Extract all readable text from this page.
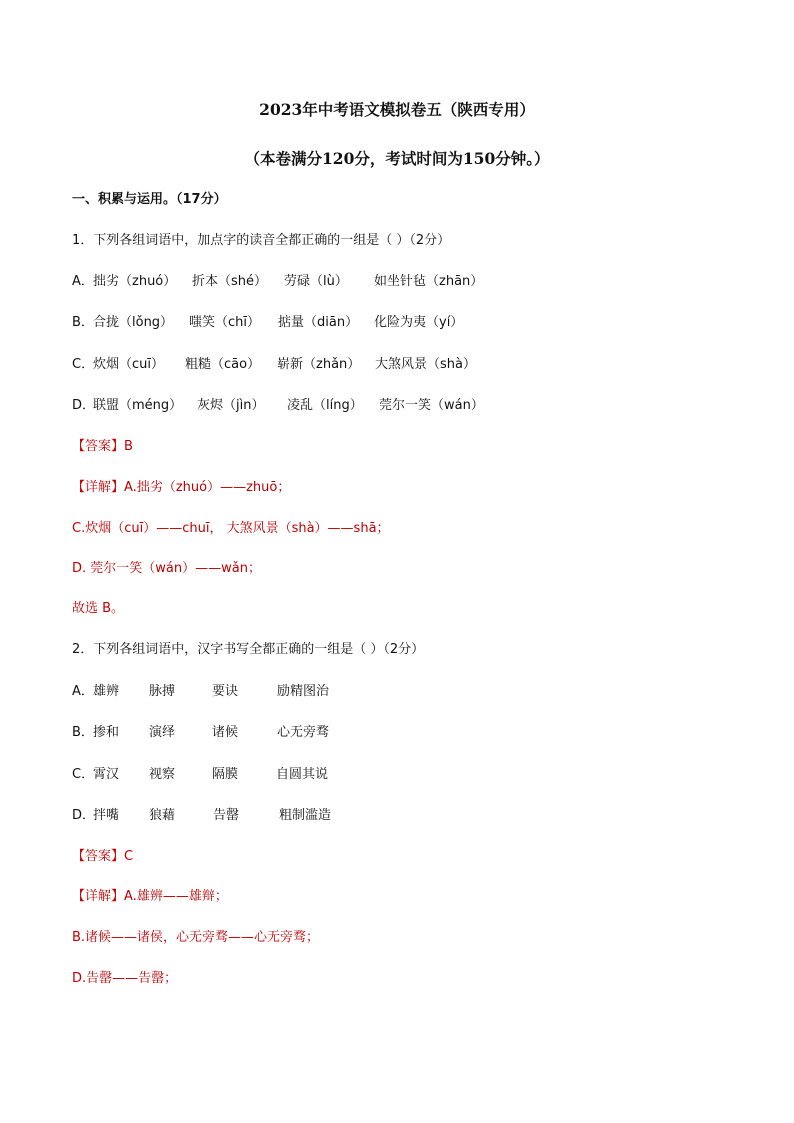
2023年中考语文模拟卷五（陕西专用）
（本卷满分120分，考试时间为150分钟。）
一、积累与运用。（17分）
1．下列各组词语中，加点字的读音全都正确的一组是（ ）（2分）
A． 拙劣（zhuó）	折本（shé）	劳碌（lù）	如坐针毡（zhān）
B． 合拢（lǒng）	嗤笑（chī）	掂量（diān）	化险为夷（yí）
C．
炊烟（cuī）	粗糙（cāo）	崭新（zhǎn）	大煞风景（shà）
D．
联盟（méng）	灰烬（jìn）	凌乱（líng）	莞尔一笑（wán）
【答案】B
【详解】A.拙劣（zhuó）——zhuō；
C.炊烟（cuī）——chuī， 大煞风景（shà）——shā；
D. 莞尔一笑（wán）——wǎn；
故选 B。
2．下列各组词语中，汉字书写全都正确的一组是（ ）（2分）
A． 雄辨	脉搏	要诀	励精图治
B． 掺和	演绎	诸候	心无旁骛
C．
霄汉	视察	隔膜	自圆其说
D．
拌嘴	狼藉	告罄	粗制滥造
【答案】C
【详解】A.雄辨——雄辩；
B.诸候——诸侯，心无旁骛——心无旁骛；
D.告罄——告罄；
